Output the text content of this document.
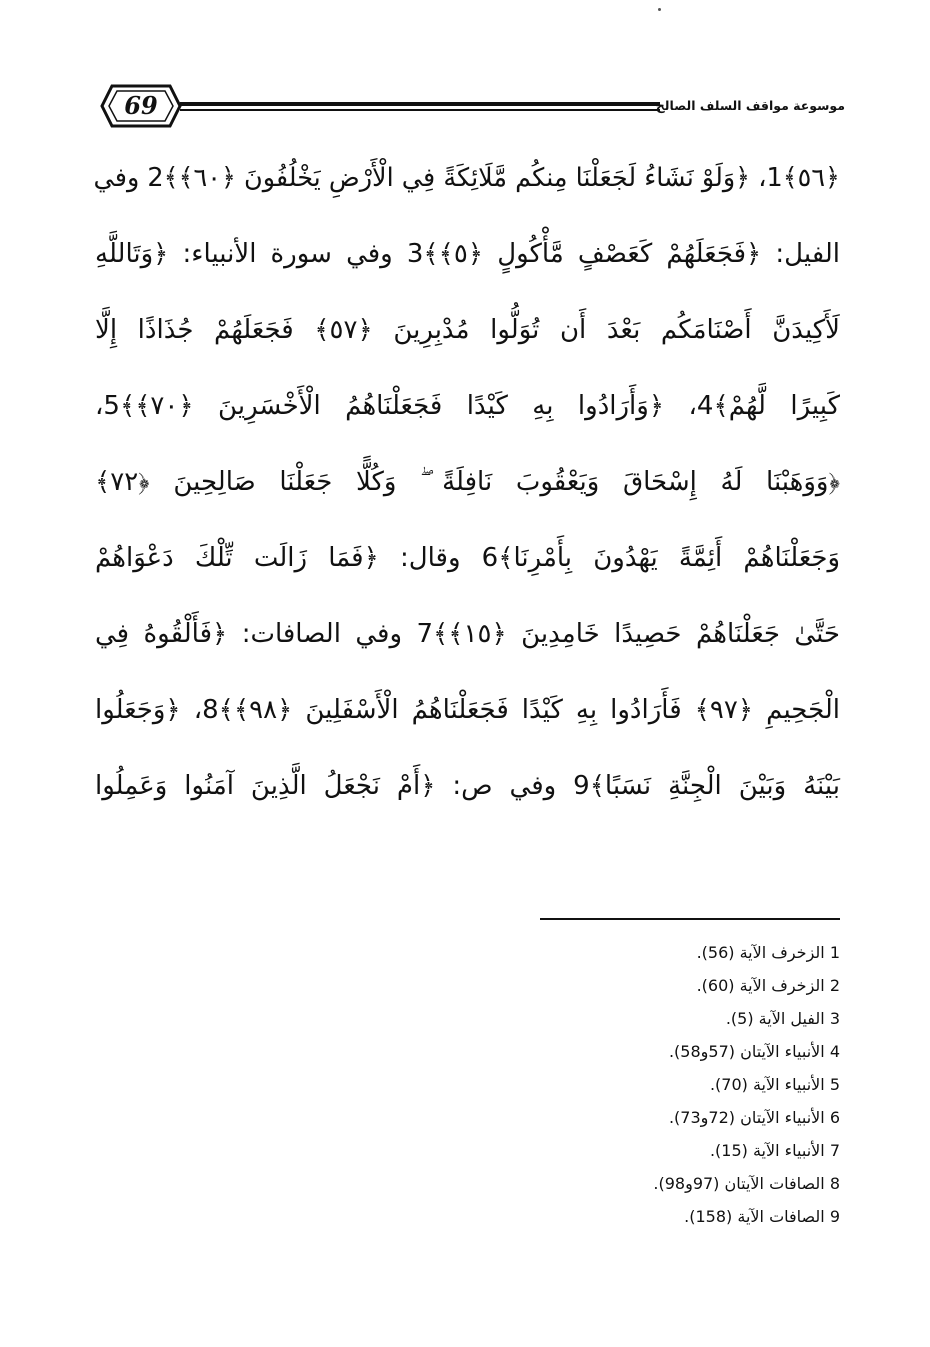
69	موسوعة مواقف السلف الصالح
﴿٥٦﴾1، ﴿وَلَوْ نَشَاءُ لَجَعَلْنَا مِنكُم مَّلَائِكَةً فِي الْأَرْضِ يَخْلُفُونَ ﴿٦٠﴾﴾2 وفي
الفيل: ﴿فَجَعَلَهُمْ كَعَصْفٍ مَّأْكُولٍ ﴿٥﴾﴾3 وفي سورة الأنبياء: ﴿وَتَاللَّهِ
لَأَكِيدَنَّ أَصْنَامَكُم بَعْدَ أَن تُوَلُّوا مُدْبِرِينَ ﴿٥٧﴾ فَجَعَلَهُمْ جُذَاذًا إِلَّا
كَبِيرًا لَّهُمْ﴾4، ﴿وَأَرَادُوا بِهِ كَيْدًا فَجَعَلْنَاهُمُ الْأَخْسَرِينَ ﴿٧٠﴾﴾5،
﴿وَوَهَبْنَا لَهُ إِسْحَاقَ وَيَعْقُوبَ نَافِلَةً ۖ وَكُلًّا جَعَلْنَا صَالِحِينَ ﴿٧٢﴾
وَجَعَلْنَاهُمْ أَئِمَّةً يَهْدُونَ بِأَمْرِنَا﴾6 وقال: ﴿فَمَا زَالَت تِّلْكَ دَعْوَاهُمْ
حَتَّىٰ جَعَلْنَاهُمْ حَصِيدًا خَامِدِينَ ﴿١٥﴾﴾7 وفي الصافات: ﴿فَأَلْقُوهُ فِي
الْجَحِيمِ ﴿٩٧﴾ فَأَرَادُوا بِهِ كَيْدًا فَجَعَلْنَاهُمُ الْأَسْفَلِينَ ﴿٩٨﴾﴾8، ﴿وَجَعَلُوا
بَيْنَهُ وَبَيْنَ الْجِنَّةِ نَسَبًا﴾9 وفي ص: ﴿أَمْ نَجْعَلُ الَّذِينَ آمَنُوا وَعَمِلُوا
1 الزخرف الآية (56).
2 الزخرف الآية (60).
3 الفيل الآية (5).
4 الأنبياء الآيتان (57و58).
5 الأنبياء الآية (70).
6 الأنبياء الآيتان (72و73).
7 الأنبياء الآية (15).
8 الصافات الآيتان (97و98).
9 الصافات الآية (158).
